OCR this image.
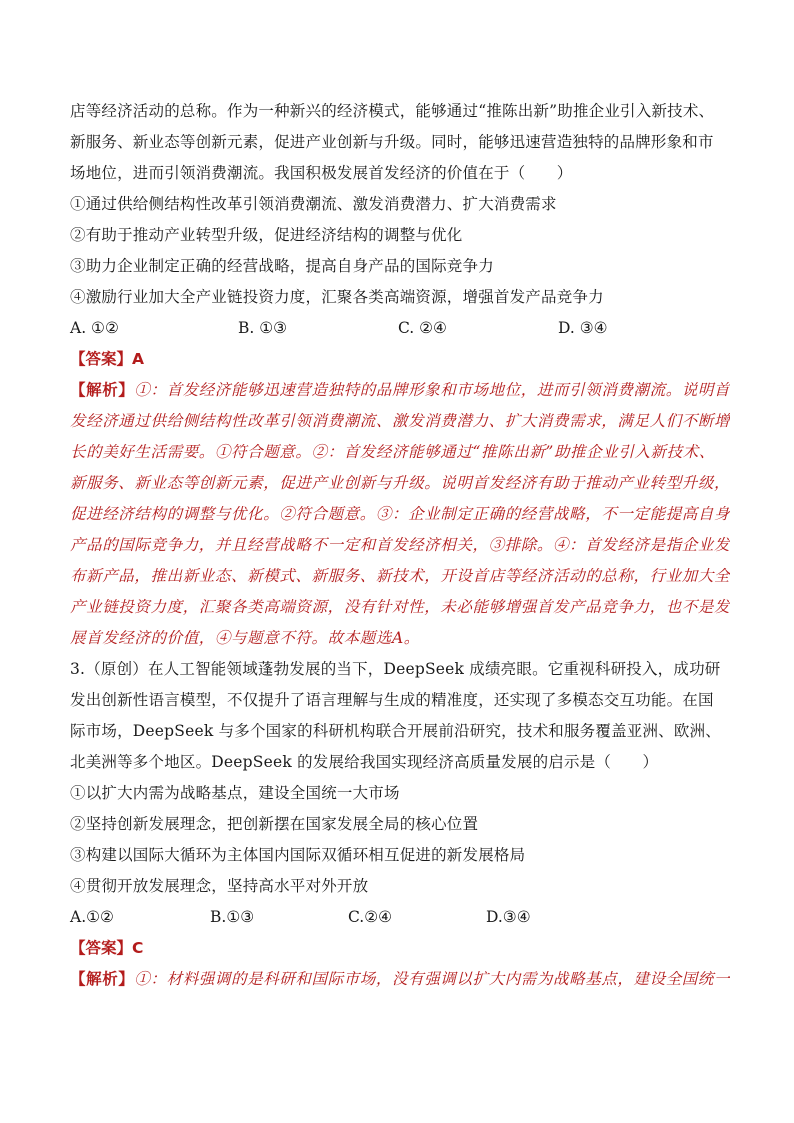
店等经济活动的总称。作为一种新兴的经济模式，能够通过“推陈出新”助推企业引入新技术、
新服务、新业态等创新元素，促进产业创新与升级。同时，能够迅速营造独特的品牌形象和市
场地位，进而引领消费潮流。我国积极发展首发经济的价值在于（　　）
①通过供给侧结构性改革引领消费潮流、激发消费潜力、扩大消费需求
②有助于推动产业转型升级，促进经济结构的调整与优化
③助力企业制定正确的经营战略，提高自身产品的国际竞争力
④激励行业加大全产业链投资力度，汇聚各类高端资源，增强首发产品竞争力
A. ①②	B. ①③	C. ②④	D. ③④
【答案】A
【解析】①：首发经济能够迅速营造独特的品牌形象和市场地位，进而引领消费潮流。说明首
发经济通过供给侧结构性改革引领消费潮流、激发消费潜力、扩大消费需求，满足人们不断增
长的美好生活需要。①符合题意。②：首发经济能够通过“推陈出新”助推企业引入新技术、
新服务、新业态等创新元素，促进产业创新与升级。说明首发经济有助于推动产业转型升级，
促进经济结构的调整与优化。②符合题意。③：企业制定正确的经营战略，不一定能提高自身
产品的国际竞争力，并且经营战略不一定和首发经济相关，③排除。④：首发经济是指企业发
布新产品，推出新业态、新模式、新服务、新技术，开设首店等经济活动的总称，行业加大全
产业链投资力度，汇聚各类高端资源，没有针对性，未必能够增强首发产品竞争力，也不是发
展首发经济的价值，④与题意不符。故本题选A。
3.（原创）在人工智能领域蓬勃发展的当下，DeepSeek 成绩亮眼。它重视科研投入，成功研
发出创新性语言模型，不仅提升了语言理解与生成的精准度，还实现了多模态交互功能。在国
际市场，DeepSeek 与多个国家的科研机构联合开展前沿研究，技术和服务覆盖亚洲、欧洲、
北美洲等多个地区。DeepSeek 的发展给我国实现经济高质量发展的启示是（　　）
①以扩大内需为战略基点，建设全国统一大市场
②坚持创新发展理念，把创新摆在国家发展全局的核心位置
③构建以国际大循环为主体国内国际双循环相互促进的新发展格局
④贯彻开放发展理念，坚持高水平对外开放
A.①②	B.①③	C.②④	D.③④
【答案】C
【解析】①：材料强调的是科研和国际市场，没有强调以扩大内需为战略基点，建设全国统一
